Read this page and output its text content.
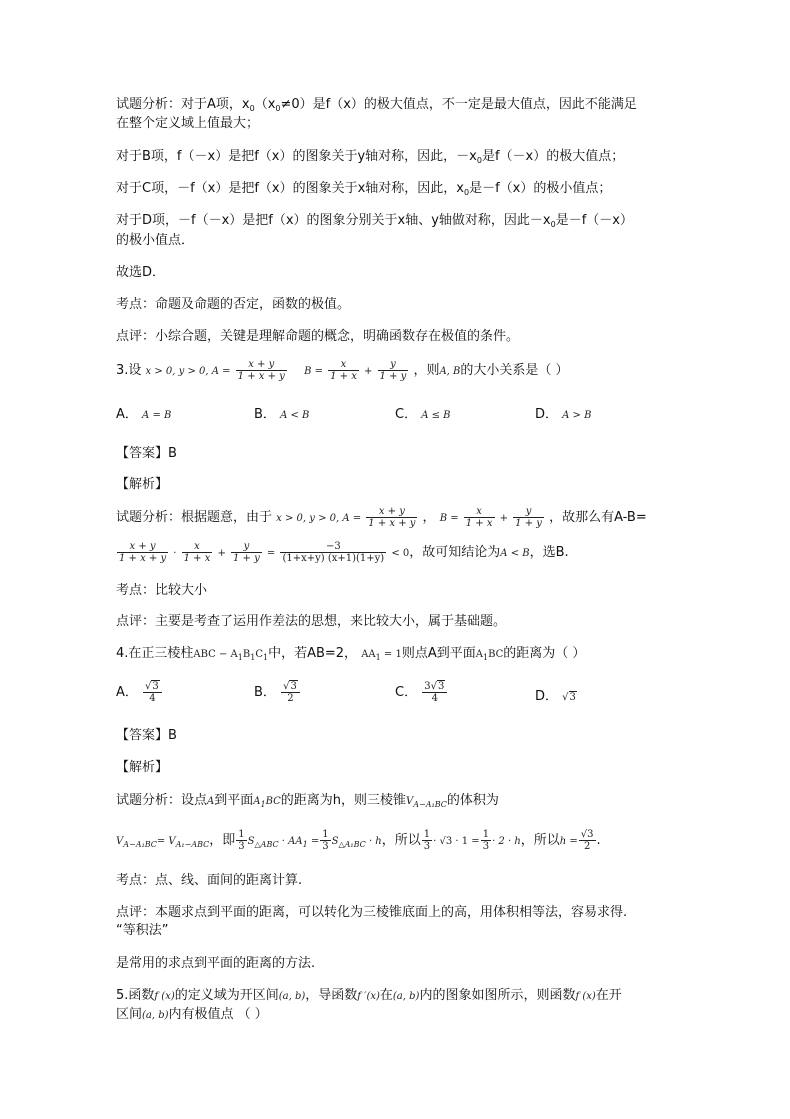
试题分析：对于A项，$x_0(x_0\ne 0)$是f（x）的极大值点，不一定是最大值点，因此不能满足
在整个定义域上值最大；
对于B项，f（－x）是把f（x）的图象关于y轴对称，因此，$-x_0$是f（－x）的极大值点；
对于C项，－f（x）是把f（x）的图象关于x轴对称，因此，$x_0$是－f（x）的极小值点；
对于D项，－f（－x）是把f（x）的图象分别关于x轴、y轴做对称，因此$-x_0$是－f（－x）
的极小值点．
故选D．
考点：命题及命题的否定，函数的极值。
点评：小综合题，关键是理解命题的概念，明确函数存在极值的条件。
3.设 x > 0, y > 0, $A = \frac{x + y}{1 + x + y}$ $B = \frac{x}{1 + x} + \frac{y}{1 + y}$ ，则A, B的大小关系是（ ）
A． A = B	B． A < B	C． A ≤ B	D． A > B
【答案】B
【解析】
试题分析：根据题意，由于 x > 0, y > 0, $A = \frac{x + y}{1 + x + y}$ ， $B = \frac{x}{1 + x} + \frac{y}{1 + y}$ ，故那么有A-B=
$\frac{x + y}{1 + x + y} \cdot \frac{x}{1 + x} + \frac{y}{1 + y} = \frac{-3}{(1+x+y) (x+1)(1+y)} < 0$，故可知结论为A < B，选B.
考点：比较大小
点评：主要是考查了运用作差法的思想，来比较大小，属于基础题。
4.在正三棱柱ABC − $A_1B_1C_1$中，若AB=2， $AA_1 = 1$则点A到平面$A_1BC$的距离为（ ）
A． $\frac{√3}{4}$	B． $\frac{√3}{2}$	C． $\frac{3√3}{4}$	D． √3
【答案】B
【解析】
试题分析：设点A到平面$A_1BC$的距离为h，则三棱锥$V_{A-A_1BC}$的体积为
$V_{A-A_1BC}= V_{A_1-ABC}$，即 $\frac{1}{3} S_{\triangle ABC} \cdot AA_1 = \frac{1}{3} S_{\triangle A_1BC} \cdot h$，所以 $\frac{1}{3} \cdot √3 \cdot 1 = \frac{1}{3} \cdot 2 \cdot h$，所以$h = \frac{√3}{2}$ .
考点：点、线、面间的距离计算.
点评：本题求点到平面的距离，可以转化为三棱锥底面上的高，用体积相等法，容易求得.
“等积法”
是常用的求点到平面的距离的方法.
5.函数f (x)的定义域为开区间(a, b)，导函数f ′(x)在(a, b)内的图象如图所示，则函数f (x)在开
区间(a, b)内有极值点 （ ）
